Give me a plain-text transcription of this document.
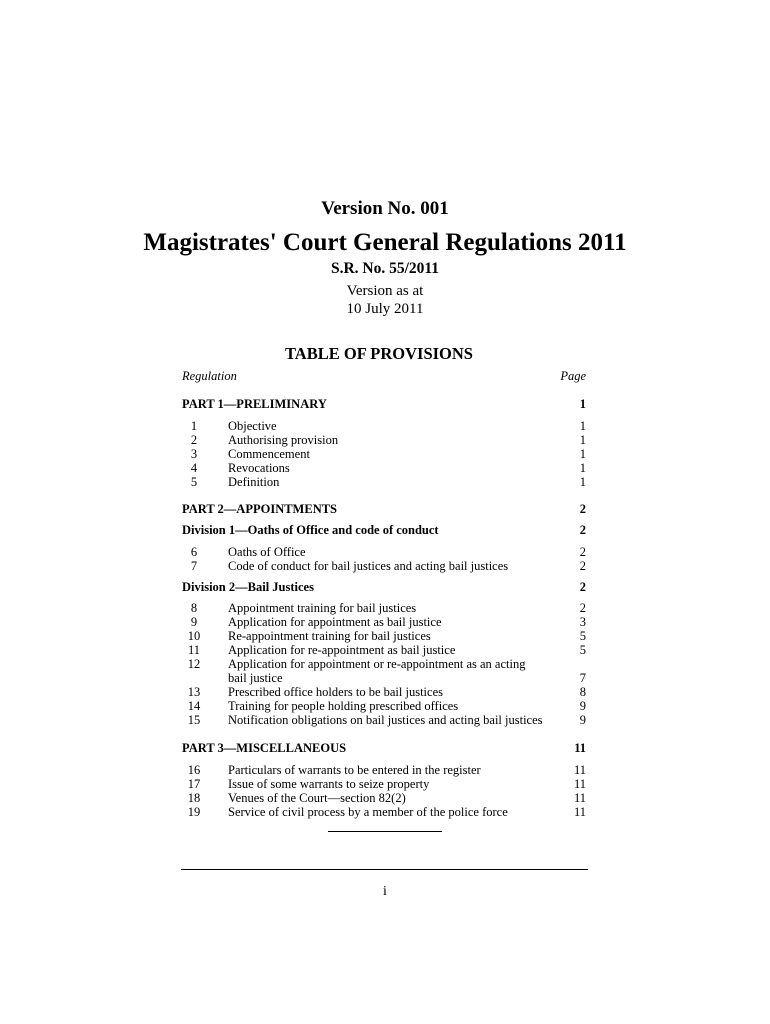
Version No. 001
Magistrates' Court General Regulations 2011
S.R. No. 55/2011
Version as at
10 July 2011
TABLE OF PROVISIONS
Regulation	Page
PART 1—PRELIMINARY	1
1	Objective	1
2	Authorising provision	1
3	Commencement	1
4	Revocations	1
5	Definition	1
PART 2—APPOINTMENTS	2
Division 1—Oaths of Office and code of conduct	2
6	Oaths of Office	2
7	Code of conduct for bail justices and acting bail justices	2
Division 2—Bail Justices	2
8	Appointment training for bail justices	2
9	Application for appointment as bail justice	3
10	Re-appointment training for bail justices	5
11	Application for re-appointment as bail justice	5
12	Application for appointment or re-appointment as an acting
bail justice	7
13	Prescribed office holders to be bail justices	8
14	Training for people holding prescribed offices	9
15	Notification obligations on bail justices and acting bail justices	9
PART 3—MISCELLANEOUS	11
16	Particulars of warrants to be entered in the register	11
17	Issue of some warrants to seize property	11
18	Venues of the Court—section 82(2)	11
19	Service of civil process by a member of the police force	11
i
